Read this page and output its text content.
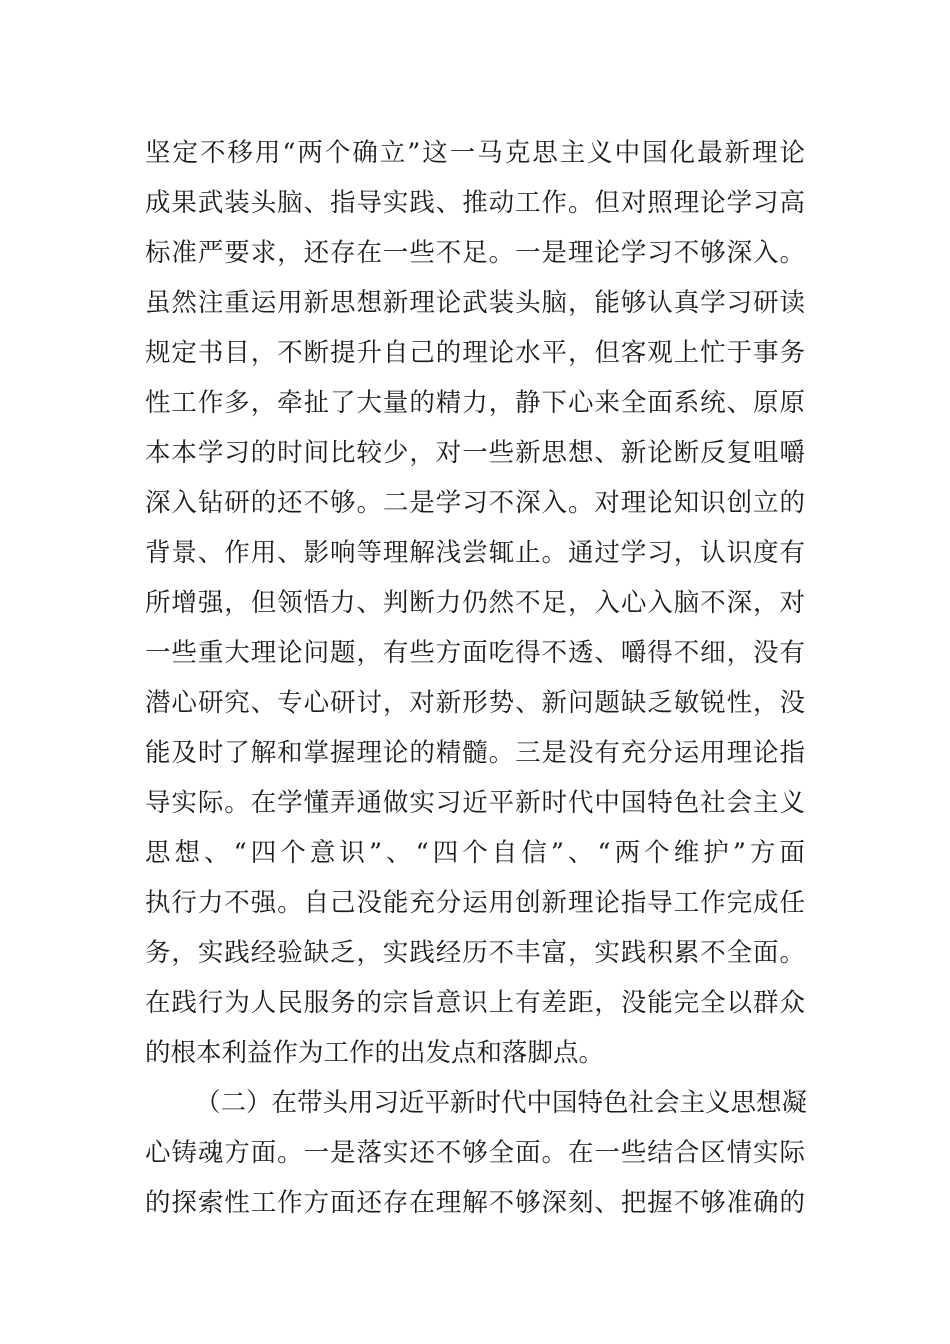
坚定不移用“两个确立”这一马克思主义中国化最新理论
成果武装头脑、指导实践、推动工作。但对照理论学习高
标准严要求，还存在一些不足。一是理论学习不够深入。
虽然注重运用新思想新理论武装头脑，能够认真学习研读
规定书目，不断提升自己的理论水平，但客观上忙于事务
性工作多，牵扯了大量的精力，静下心来全面系统、原原
本本学习的时间比较少，对一些新思想、新论断反复咀嚼
深入钻研的还不够。二是学习不深入。对理论知识创立的
背景、作用、影响等理解浅尝辄止。通过学习，认识度有
所增强，但领悟力、判断力仍然不足，入心入脑不深，对
一些重大理论问题，有些方面吃得不透、嚼得不细，没有
潜心研究、专心研讨，对新形势、新问题缺乏敏锐性，没
能及时了解和掌握理论的精髓。三是没有充分运用理论指
导实际。在学懂弄通做实习近平新时代中国特色社会主义
思想、“四个意识”、“四个自信”、“两个维护”方面
执行力不强。自己没能充分运用创新理论指导工作完成任
务，实践经验缺乏，实践经历不丰富，实践积累不全面。
在践行为人民服务的宗旨意识上有差距，没能完全以群众
的根本利益作为工作的出发点和落脚点。
（二）在带头用习近平新时代中国特色社会主义思想凝
心铸魂方面。一是落实还不够全面。在一些结合区情实际
的探索性工作方面还存在理解不够深刻、把握不够准确的
